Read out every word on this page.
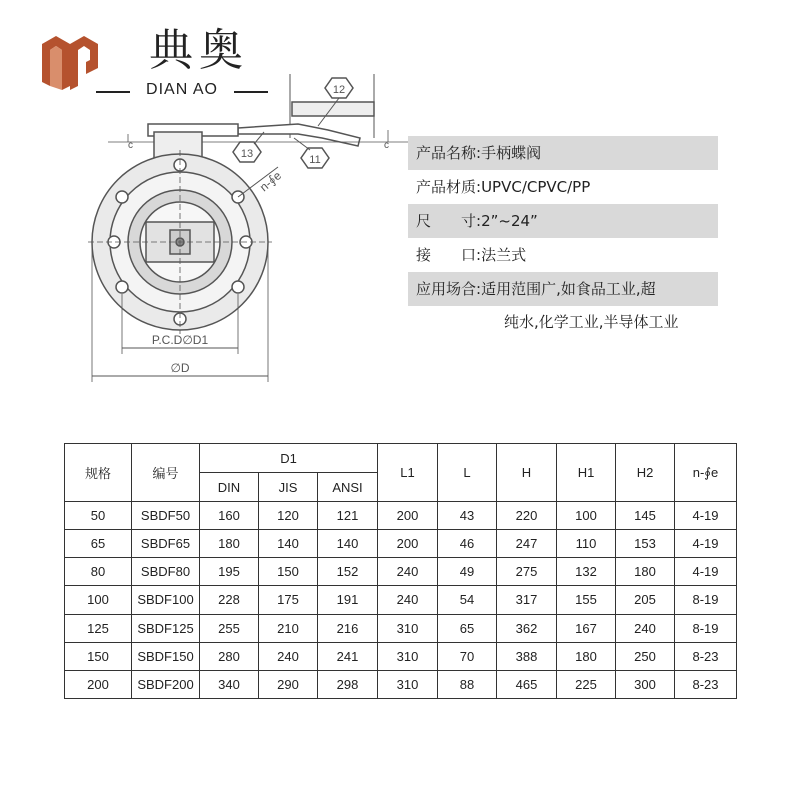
典奥
DIAN AO	12
13	11
c	c
n-∮e
P.C.D∅D1
∅D
产品名称:手柄蝶阀
产品材质:UPVC/CPVC/PP
尺　　寸:2”~24”
接　　口:法兰式
应用场合:适用范围广,如食品工业,超
纯水,化学工业,半导体工业
规格	编号	D1			L1	L	H	H1	H2	n-∮e
		DIN	JIS	ANSI						
50	SBDF50	160	120	121	200	43	220	100	145	4-19
65	SBDF65	180	140	140	200	46	247	110	153	4-19
80	SBDF80	195	150	152	240	49	275	132	180	4-19
100	SBDF100	228	175	191	240	54	317	155	205	8-19
125	SBDF125	255	210	216	310	65	362	167	240	8-19
150	SBDF150	280	240	241	310	70	388	180	250	8-23
200	SBDF200	340	290	298	310	88	465	225	300	8-23
